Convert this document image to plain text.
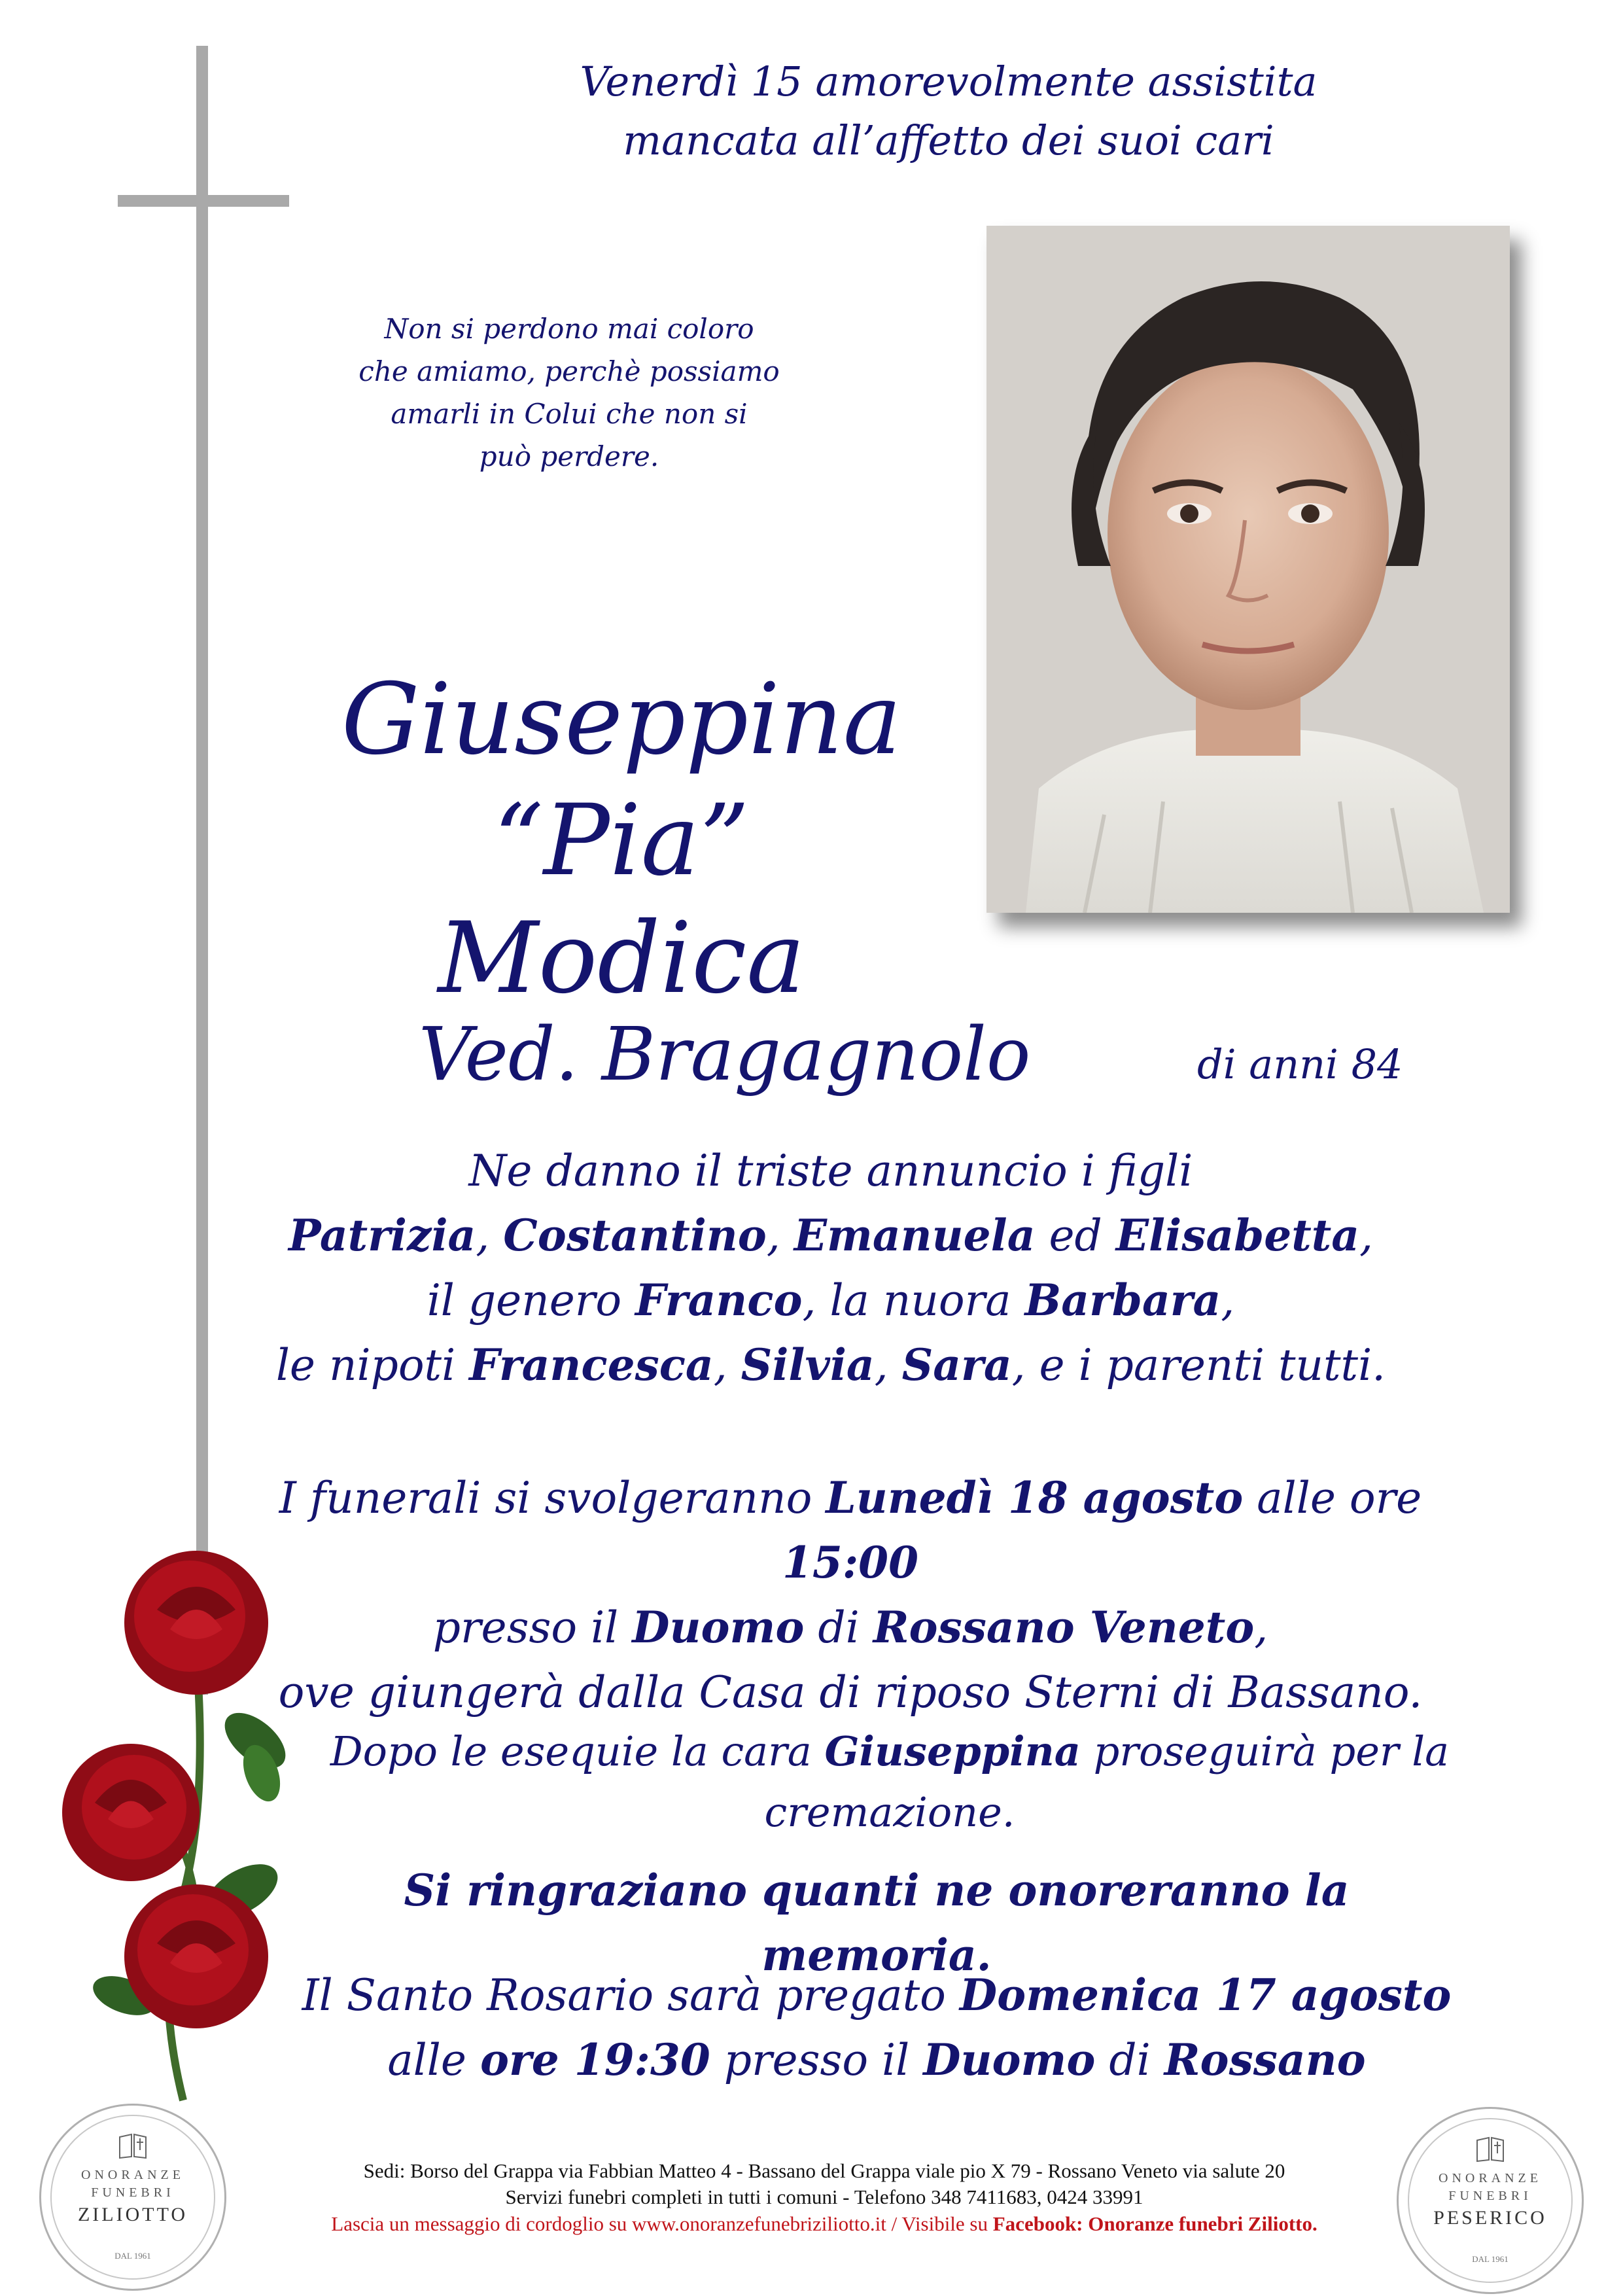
Venerdì 15 amorevolmente assistita
mancata all’affetto dei suoi cari
Non si perdono mai coloro
che amiamo, perchè possiamo
amarli in Colui che non si
può perdere.
Giuseppina
“Pia” Modica
Ved. Bragagnolo	di anni 84
Ne danno il triste annuncio i figli
Patrizia, Costantino, Emanuela ed Elisabetta,
il genero Franco, la nuora Barbara,
le nipoti Francesca, Silvia, Sara, e i parenti tutti.
I funerali si svolgeranno Lunedì 18 agosto alle ore 15:00
presso il Duomo di Rossano Veneto,
ove giungerà dalla Casa di riposo Sterni di Bassano.
Dopo le esequie la cara Giuseppina proseguirà per la cremazione.
Si ringraziano quanti ne onoreranno la memoria.
Il Santo Rosario sarà pregato Domenica 17 agosto
alle ore 19:30 presso il Duomo di Rossano
ONORANZE
FUNEBRI
ZILIOTTO
DAL 1961
ONORANZE
FUNEBRI
PESERICO
DAL 1961
Sedi: Borso del Grappa via Fabbian Matteo 4 - Bassano del Grappa viale pio X 79 - Rossano Veneto via salute 20
Servizi funebri completi in tutti i comuni - Telefono 348 7411683, 0424 33991
Lascia un messaggio di cordoglio su www.onoranzefunebriziliotto.it / Visibile su Facebook: Onoranze funebri Ziliotto.
